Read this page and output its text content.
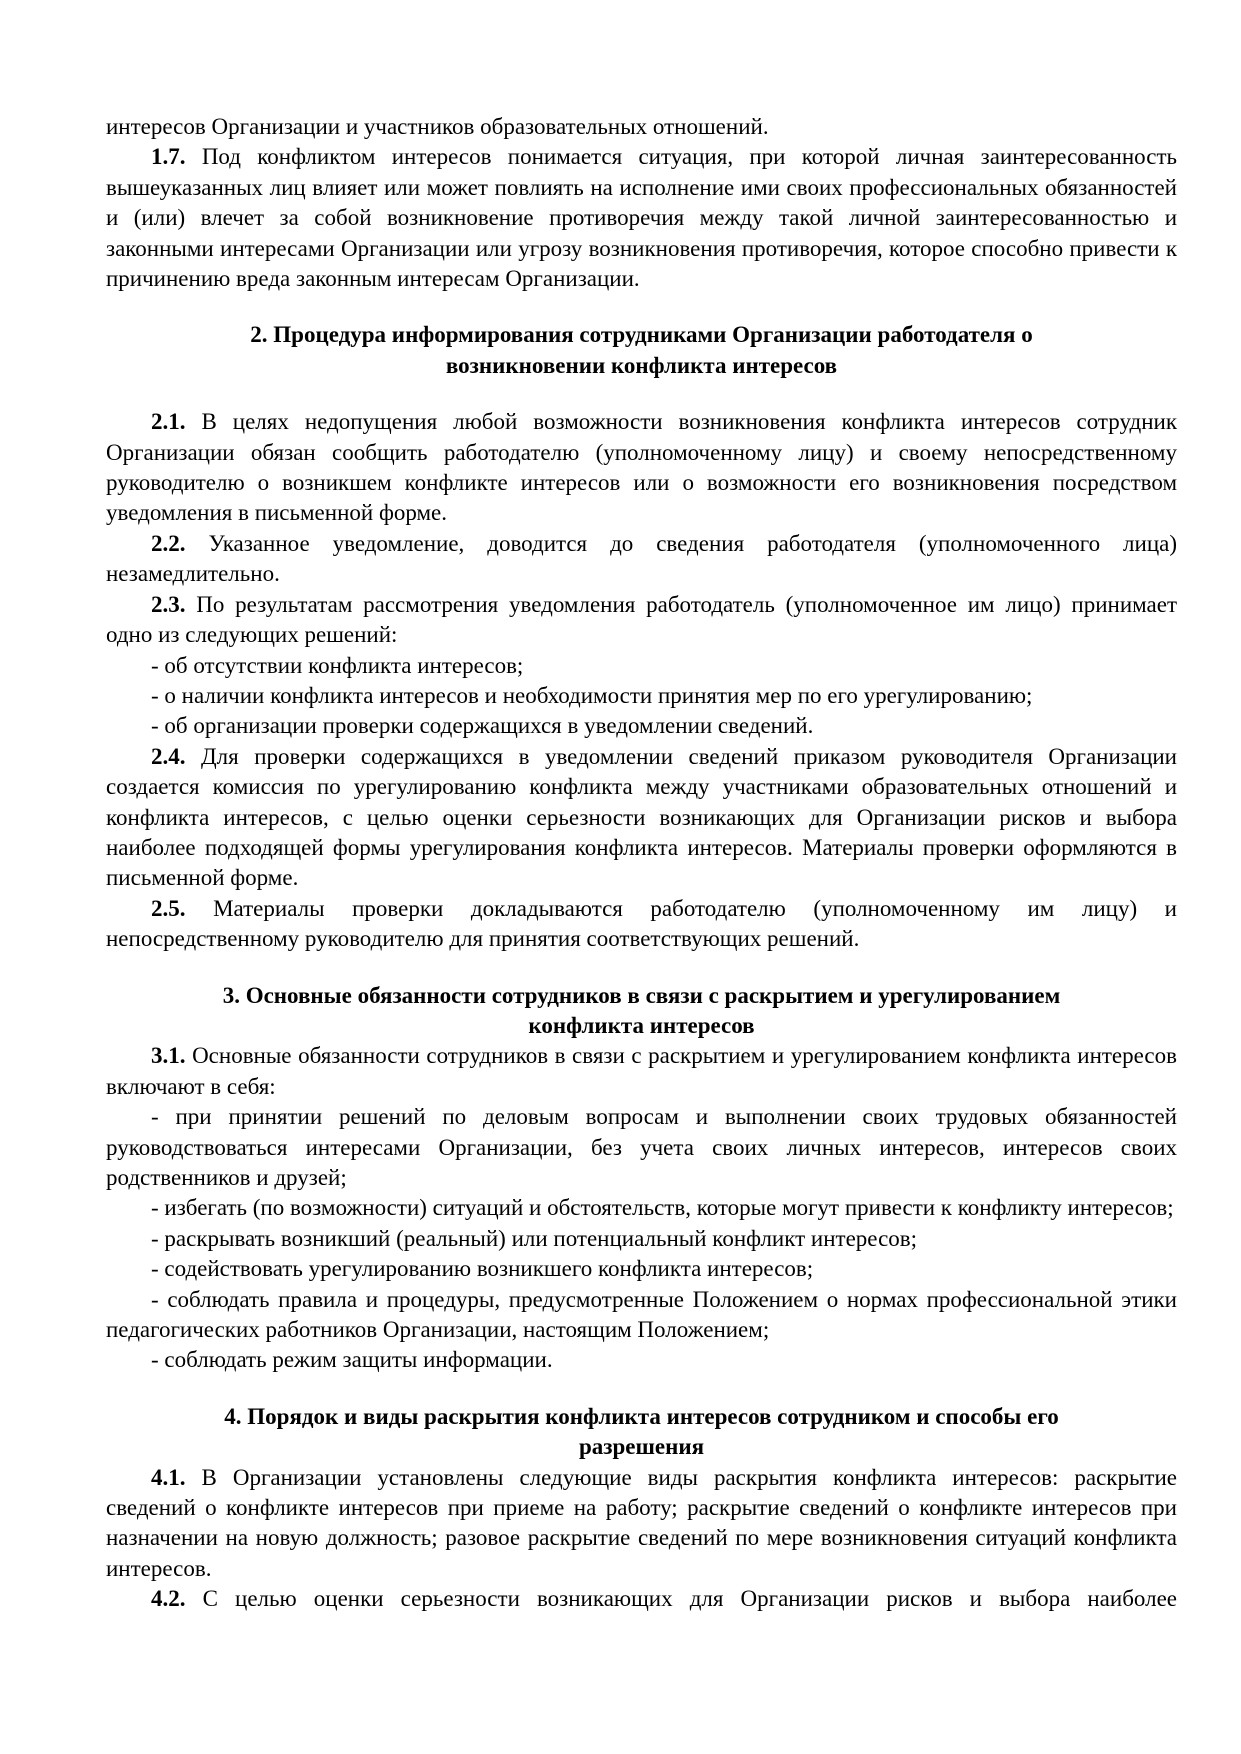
интересов Организации и участников образовательных отношений.

1.7. Под конфликтом интересов понимается ситуация, при которой личная заинтересованность вышеуказанных лиц влияет или может повлиять на исполнение ими своих профессиональных обязанностей и (или) влечет за собой возникновение противоречия между такой личной заинтересованностью и законными интересами Организации или угрозу возникновения противоречия, которое способно привести к причинению вреда законным интересам Организации.

2. Процедура информирования сотрудниками Организации работодателя о
возникновении конфликта интересов

2.1. В целях недопущения любой возможности возникновения конфликта интересов сотрудник Организации обязан сообщить работодателю (уполномоченному лицу) и своему непосредственному руководителю о возникшем конфликте интересов или о возможности его возникновения посредством уведомления в письменной форме.

2.2. Указанное уведомление, доводится до сведения работодателя (уполномоченного лица) незамедлительно.

2.3. По результатам рассмотрения уведомления работодатель (уполномоченное им лицо) принимает одно из следующих решений:

- об отсутствии конфликта интересов;

- о наличии конфликта интересов и необходимости принятия мер по его урегулированию;

- об организации проверки содержащихся в уведомлении сведений.

2.4. Для проверки содержащихся в уведомлении сведений приказом руководителя Организации создается комиссия по урегулированию конфликта между участниками образовательных отношений и конфликта интересов, с целью оценки серьезности возникающих для Организации рисков и выбора наиболее подходящей формы урегулирования конфликта интересов. Материалы проверки оформляются в письменной форме.

2.5. Материалы проверки докладываются работодателю (уполномоченному им лицу) и непосредственному руководителю для принятия соответствующих решений.

3. Основные обязанности сотрудников в связи с раскрытием и урегулированием
конфликта интересов

3.1. Основные обязанности сотрудников в связи с раскрытием и урегулированием конфликта интересов включают в себя:

- при принятии решений по деловым вопросам и выполнении своих трудовых обязанностей руководствоваться интересами Организации, без учета своих личных интересов, интересов своих родственников и друзей;

- избегать (по возможности) ситуаций и обстоятельств, которые могут привести к конфликту интересов;

- раскрывать возникший (реальный) или потенциальный конфликт интересов;

- содействовать урегулированию возникшего конфликта интересов;

- соблюдать правила и процедуры, предусмотренные Положением о нормах профессиональной этики педагогических работников Организации, настоящим Положением;

- соблюдать режим защиты информации.

4. Порядок и виды раскрытия конфликта интересов сотрудником и способы его
разрешения

4.1. В Организации установлены следующие виды раскрытия конфликта интересов: раскрытие сведений о конфликте интересов при приеме на работу; раскрытие сведений о конфликте интересов при назначении на новую должность; разовое раскрытие сведений по мере возникновения ситуаций конфликта интересов.

4.2. С целью оценки серьезности возникающих для Организации рисков и выбора наиболее
